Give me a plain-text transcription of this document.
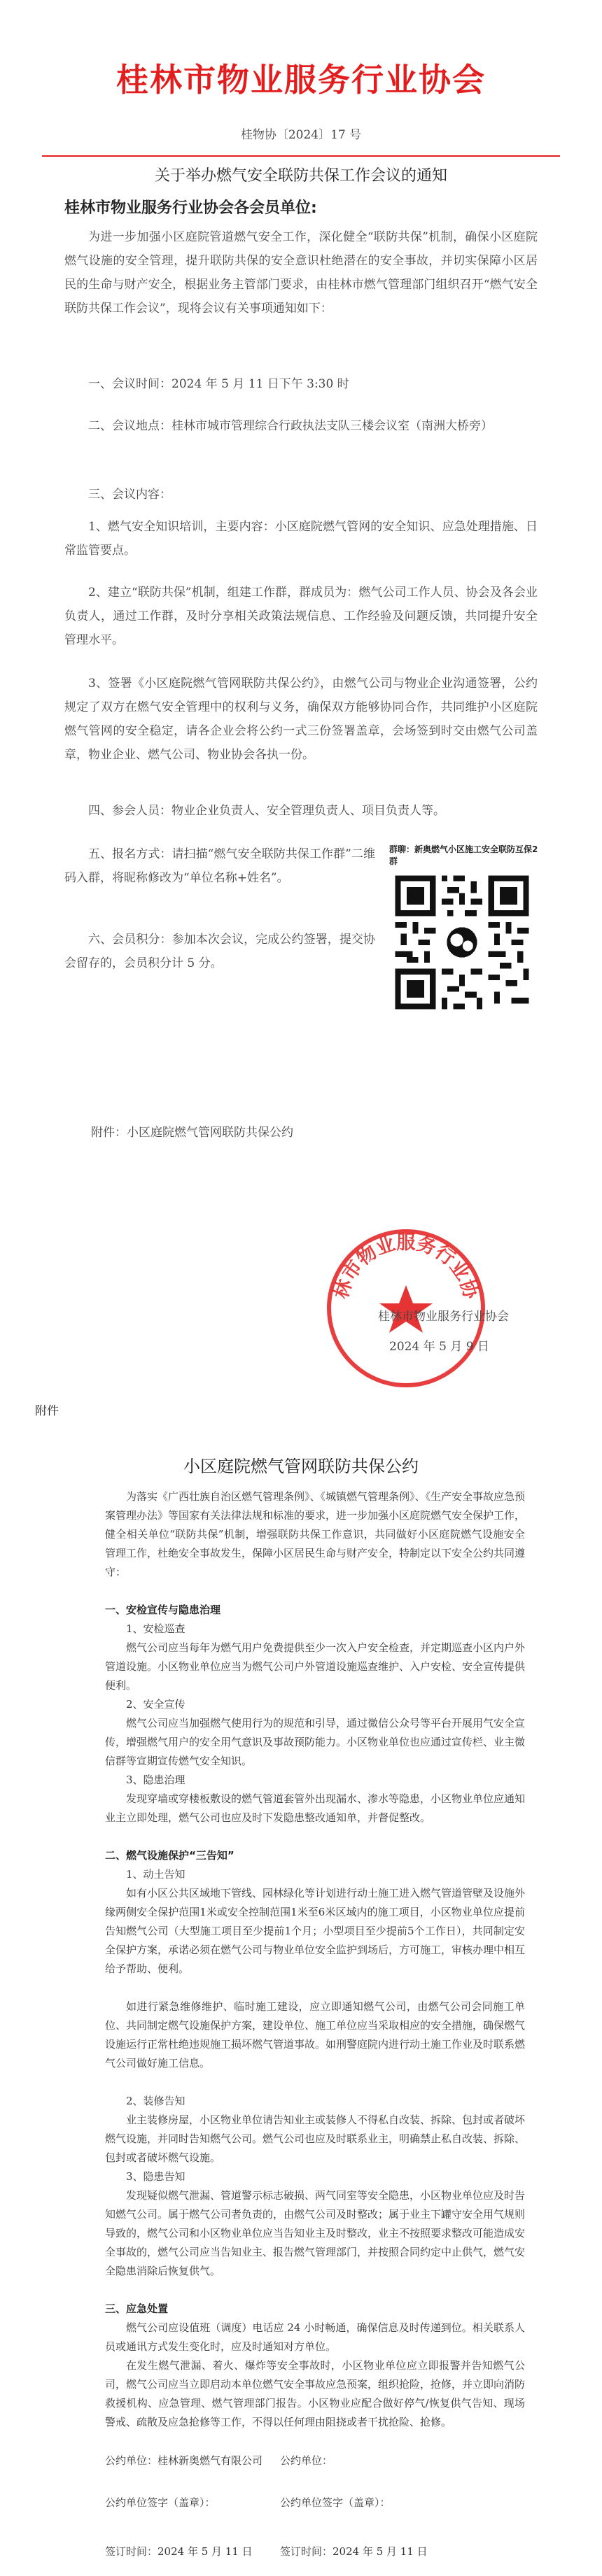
桂林市物业服务行业协会
桂物协〔2024〕17 号
关于举办燃气安全联防共保工作会议的通知
桂林市物业服务行业协会各会员单位:

为进一步加强小区庭院管道燃气安全工作，深化健全“联防共保”机制，确保小区庭院燃气设施的安全管理，提升联防共保的安全意识杜绝潜在的安全事故，并切实保障小区居民的生命与财产安全，根据业务主管部门要求，由桂林市燃气管理部门组织召开“燃气安全联防共保工作会议”，现将会议有关事项通知如下：

一、会议时间：2024 年 5 月 11 日下午 3:30 时

二、会议地点：桂林市城市管理综合行政执法支队三楼会议室（南洲大桥旁）

三、会议内容：

1、燃气安全知识培训，主要内容：小区庭院燃气管网的安全知识、应急处理措施、日常监管要点。

2、建立“联防共保”机制，组建工作群，群成员为：燃气公司工作人员、协会及各会业负责人，通过工作群，及时分享相关政策法规信息、工作经验及问题反馈，共同提升安全管理水平。

3、签署《小区庭院燃气管网联防共保公约》，由燃气公司与物业企业沟通签署，公约规定了双方在燃气安全管理中的权利与义务，确保双方能够协同合作，共同维护小区庭院燃气管网的安全稳定，请各企业会将公约一式三份签署盖章，会场签到时交由燃气公司盖章，物业企业、燃气公司、物业协会各执一份。

四、参会人员：物业企业负责人、安全管理负责人、项目负责人等。

五、报名方式：请扫描“燃气安全联防共保工作群”二维码入群，将昵称修改为“单位名称+姓名”。

六、会员积分：参加本次会议，完成公约签署，提交协会留存的，会员积分计 5 分。

群聊：新奥燃气小区施工安全联防互保2群
附件：小区庭院燃气管网联防共保公约
林市物业服务行业协
桂林市物业服务行业协会
2024 年 5 月 9 日
附件
小区庭院燃气管网联防共保公约

为落实《广西壮族自治区燃气管理条例》、《城镇燃气管理条例》、《生产安全事故应急预案管理办法》等国家有关法律法规和标准的要求，进一步加强小区庭院燃气安全保护工作，健全相关单位“联防共保”机制，增强联防共保工作意识，共同做好小区庭院燃气设施安全管理工作，杜绝安全事故发生，保障小区居民生命与财产安全，特制定以下安全公约共同遵守：

一、安检宣传与隐患治理
1、安检巡查

燃气公司应当每年为燃气用户免费提供至少一次入户安全检查，并定期巡查小区内户外管道设施。小区物业单位应当为燃气公司户外管道设施巡查维护、入户安检、安全宣传提供便利。

2、安全宣传

燃气公司应当加强燃气使用行为的规范和引导，通过微信公众号等平台开展用气安全宣传，增强燃气用户的安全用气意识及事故预防能力。小区物业单位也应通过宣传栏、业主微信群等宣期宣传燃气安全知识。

3、隐患治理

发现穿墙或穿楼板敷设的燃气管道套管外出现漏水、渗水等隐患，小区物业单位应通知业主立即处理，燃气公司也应及时下发隐患整改通知单，并督促整改。

二、燃气设施保护“三告知”
1、动土告知

如有小区公共区域地下管线、园林绿化等计划进行动土施工进入燃气管道管壁及设施外缘两侧安全保护范围1米或安全控制范围1米至6米区域内的施工项目，小区物业单位应提前告知燃气公司（大型施工项目至少提前1个月；小型项目至少提前5个工作日），共同制定安全保护方案，承诺必须在燃气公司与物业单位安全监护到场后，方可施工，审核办理中相互给予帮助、便利。

如进行紧急维修维护、临时施工建设，应立即通知燃气公司，由燃气公司会同施工单位、共同制定燃气设施保护方案，建设单位、施工单位应当采取相应的安全措施，确保燃气设施运行正常杜绝违规施工损坏燃气管道事故。如刑警庭院内进行动土施工作业及时联系燃气公司做好施工信息。

2、装修告知

业主装修房屋，小区物业单位请告知业主或装修人不得私自改装、拆除、包封或者破坏燃气设施，并同时告知燃气公司。燃气公司也应及时联系业主，明确禁止私自改装、拆除、包封或者破坏燃气设施。

3、隐患告知

发现疑似燃气泄漏、管道警示标志破损、两气同室等安全隐患，小区物业单位应及时告知燃气公司。属于燃气公司者负责的，由燃气公司及时整改；属于业主下罐守安全用气规则导致的，燃气公司和小区物业单位应当告知业主及时整改，业主不按照要求整改可能造成安全事故的，燃气公司应当告知业主、报告燃气管理部门，并按照合同约定中止供气，燃气安全隐患消除后恢复供气。

三、应急处置

燃气公司应设值班（调度）电话应 24 小时畅通，确保信息及时传递到位。相关联系人员或通讯方式发生变化时，应及时通知对方单位。

在发生燃气泄漏、着火、爆炸等安全事故时，小区物业单位应立即报警并告知燃气公司，燃气公司应当立即启动本单位燃气安全事故应急预案，组织抢险，抢修，并立即向消防救援机构、应急管理、燃气管理部门报告。小区物业应配合做好停气/恢复供气告知、现场警戒、疏散及应急抢修等工作，不得以任何理由阻挠或者干扰抢险、抢修。

公约单位：桂林新奥燃气有限公司 公约单位：
公约单位签字（盖章）：	公约单位签字（盖章）：
签订时间：2024 年 5 月 11 日	签订时间：2024 年 5 月 11 日
